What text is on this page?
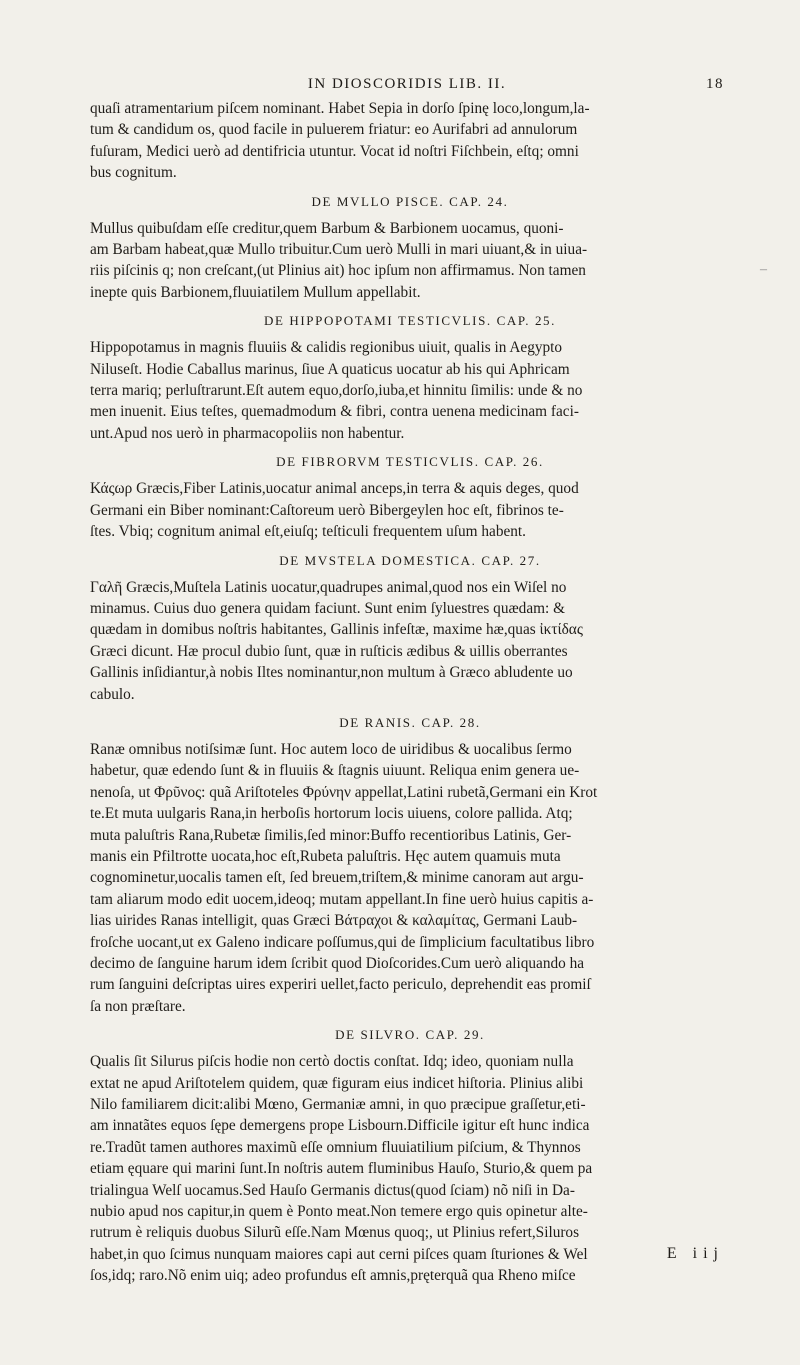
IN DIOSCORIDIS LIB. II.	18
quaſi atramentarium piſcem nominant. Habet Sepia in dorſo ſpinę loco,longum,la-
tum & candidum os, quod facile in puluerem friatur: eo Aurifabri ad annulorum
fuſuram, Medici uerò ad dentifricia utuntur. Vocat id noſtri Fiſchbein, eſtq; omni
bus cognitum.
DE MVLLO PISCE. CAP. 24.
Mullus quibuſdam eſſe creditur,quem Barbum & Barbionem uocamus, quoni-
am Barbam habeat,quæ Mullo tribuitur.Cum uerò Mulli in mari uiuant,& in uiua-
riis piſcinis q; non creſcant,(ut Plinius ait) hoc ipſum non affirmamus. Non tamen
inepte quis Barbionem,fluuiatilem Mullum appellabit.
DE HIPPOPOTAMI TESTICVLIS. CAP. 25.
Hippopotamus in magnis fluuiis & calidis regionibus uiuit, qualis in Aegypto
Niluseſt. Hodie Caballus marinus, ſiue A quaticus uocatur ab his qui Aphricam
terra mariq; perluſtrarunt.Eſt autem equo,dorſo,iuba,et hinnitu ſimilis: unde & no
men inuenit. Eius teſtes, quemadmodum & fibri, contra uenena medicinam faci-
unt.Apud nos uerò in pharmacopoliis non habentur.
DE FIBRORVM TESTICVLIS. CAP. 26.
Κάςωρ Græcis,Fiber Latinis,uocatur animal anceps,in terra & aquis deges, quod
Germani ein Biber nominant:Caſtoreum uerò Bibergeylen hoc eſt, fibrinos te-
ſtes. Vbiq; cognitum animal eſt,eiuſq; teſticuli frequentem uſum habent.
DE MVSTELA DOMESTICA. CAP. 27.
Γαλῆ Græcis,Muſtela Latinis uocatur,quadrupes animal,quod nos ein Wiſel no
minamus. Cuius duo genera quidam faciunt. Sunt enim ſyluestres quædam: &
quædam in domibus noſtris habitantes, Gallinis infeſtæ, maxime hæ,quas ἰκτίδας
Græci dicunt. Hæ procul dubio ſunt, quæ in ruſticis ædibus & uillis oberrantes
Gallinis inſidiantur,à nobis Iltes nominantur,non multum à Græco abludente uo
cabulo.
DE RANIS. CAP. 28.
Ranæ omnibus notiſsimæ ſunt. Hoc autem loco de uiridibus & uocalibus ſermo
habetur, quæ edendo ſunt & in fluuiis & ſtagnis uiuunt. Reliqua enim genera ue-
nenoſa, ut Φρῦνος: quã Ariſtoteles Φρύνην appellat,Latini rubetã,Germani ein Krot
te.Et muta uulgaris Rana,in herboſis hortorum locis uiuens, colore pallida. Atq;
muta paluſtris Rana,Rubetæ ſimilis,ſed minor:Buffo recentioribus Latinis, Ger-
manis ein Pfiltrotte uocata,hoc eſt,Rubeta paluſtris. Hęc autem quamuis muta
cognominetur,uocalis tamen eſt, ſed breuem,triſtem,& minime canoram aut argu-
tam aliarum modo edit uocem,ideoq; mutam appellant.In fine uerò huius capitis a-
lias uirides Ranas intelligit, quas Græci Βάτραχοι & καλαμίτας, Germani Laub-
froſche uocant,ut ex Galeno indicare poſſumus,qui de ſimplicium facultatibus libro
decimo de ſanguine harum idem ſcribit quod Dioſcorides.Cum uerò aliquando ha
rum ſanguini deſcriptas uires experiri uellet,facto periculo, deprehendit eas promiſ
ſa non præſtare.
DE SILVRO. CAP. 29.
Qualis ſit Silurus piſcis hodie non certò doctis conſtat. Idq; ideo, quoniam nulla
extat ne apud Ariſtotelem quidem, quæ figuram eius indicet hiſtoria. Plinius alibi
Nilo familiarem dicit:alibi Mœno, Germaniæ amni, in quo præcipue graſſetur,eti-
am innatãtes equos ſępe demergens prope Lisbourn.Difficile igitur eſt hunc indica
re.Tradũt tamen authores maximũ eſſe omnium fluuiatilium piſcium, & Thynnos
etiam ęquare qui marini ſunt.In noſtris autem fluminibus Hauſo, Sturio,& quem pa
trialingua Welſ uocamus.Sed Hauſo Germanis dictus(quod ſciam) nõ niſi in Da-
nubio apud nos capitur,in quem è Ponto meat.Non temere ergo quis opinetur alte-
rutrum è reliquis duobus Silurũ eſſe.Nam Mœnus quoq;, ut Plinius refert,Siluros
habet,in quo ſcimus nunquam maiores capi aut cerni piſces quam ſturiones & Wel
ſos,idq; raro.Nõ enim uiq; adeo profundus eſt amnis,pręterquã qua Rheno miſce
E iij
–
